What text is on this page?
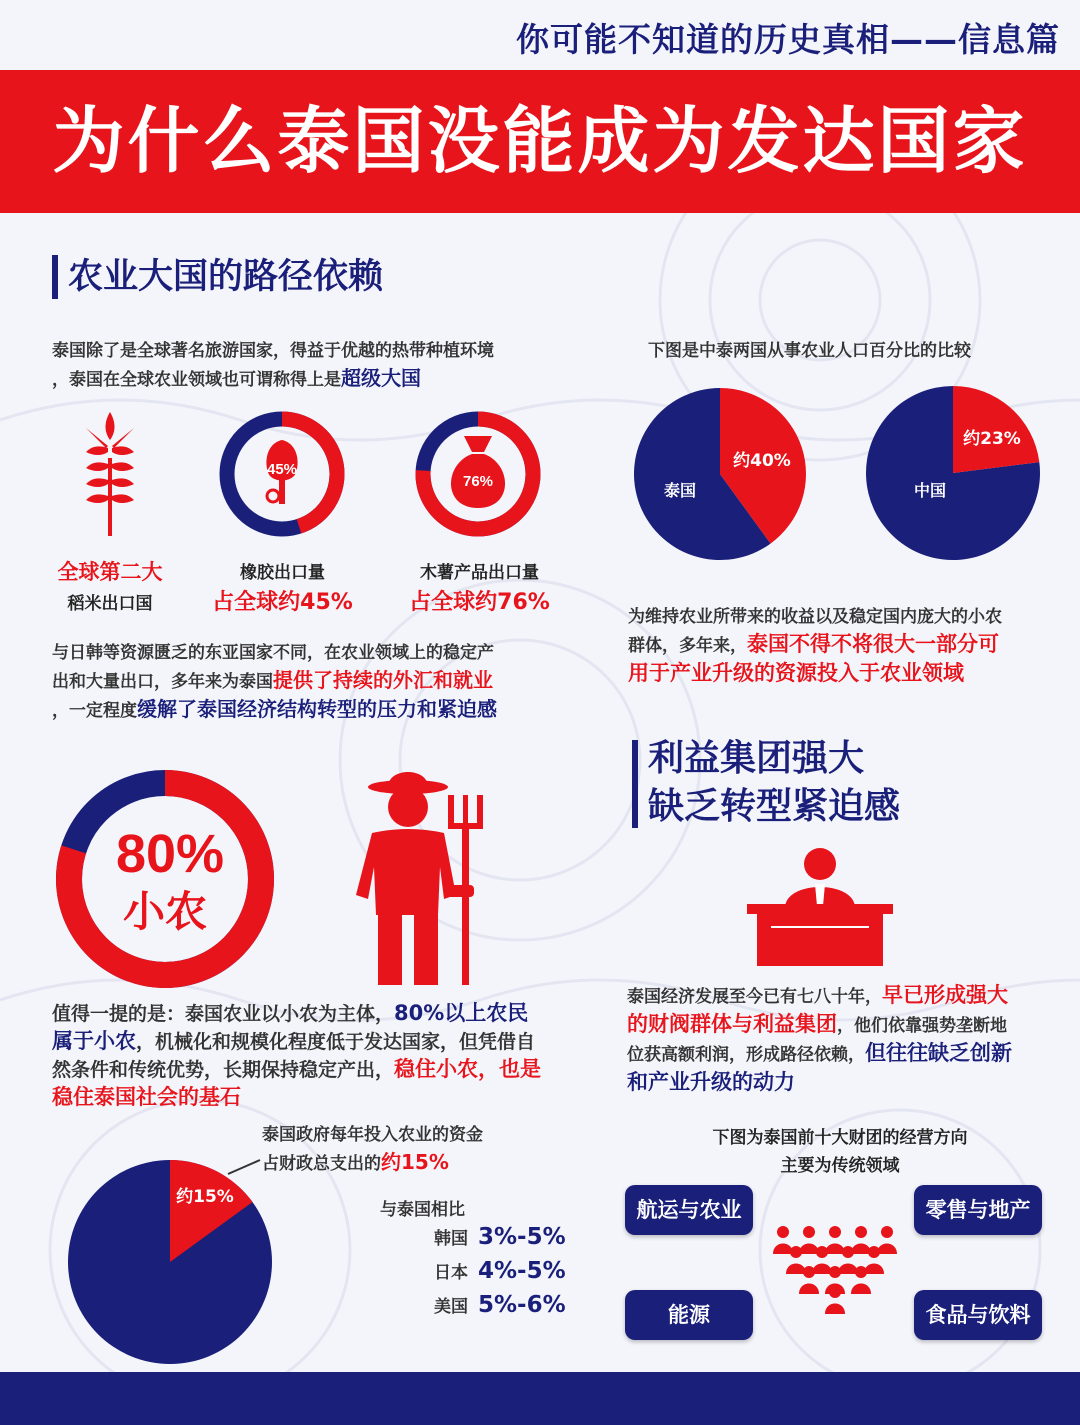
你可能不知道的历史真相——信息篇
为什么泰国没能成为发达国家
农业大国的路径依赖
泰国除了是全球著名旅游国家，得益于优越的热带种植环境
，泰国在全球农业领域也可谓称得上是超级大国
45%
76%
全球第二大
稻米出口国
橡胶出口量
占全球约45%
木薯产品出口量
占全球约76%
与日韩等资源匮乏的东亚国家不同，在农业领域上的稳定产
出和大量出口，多年来为泰国提供了持续的外汇和就业
，一定程度缓解了泰国经济结构转型的压力和紧迫感
80%
小农
值得一提的是：泰国农业以小农为主体，80%以上农民
属于小农，机械化和规模化程度低于发达国家，但凭借自
然条件和传统优势，长期保持稳定产出，稳住小农，也是
稳住泰国社会的基石
泰国政府每年投入农业的资金
占财政总支出的约15%
约15%
与泰国相比
韩国 3%-5%
日本 4%-5%
美国 5%-6%
下图是中泰两国从事农业人口百分比的比较
泰国
约40%
中国
约23%
为维持农业所带来的收益以及稳定国内庞大的小农
群体，多年来，泰国不得不将很大一部分可
用于产业升级的资源投入于农业领域
利益集团强大
缺乏转型紧迫感
泰国经济发展至今已有七八十年，早已形成强大
的财阀群体与利益集团，他们依靠强势垄断地
位获高额利润，形成路径依赖，但往往缺乏创新
和产业升级的动力
下图为泰国前十大财团的经营方向
主要为传统领域
航运与农业	零售与地产
能源	食品与饮料
